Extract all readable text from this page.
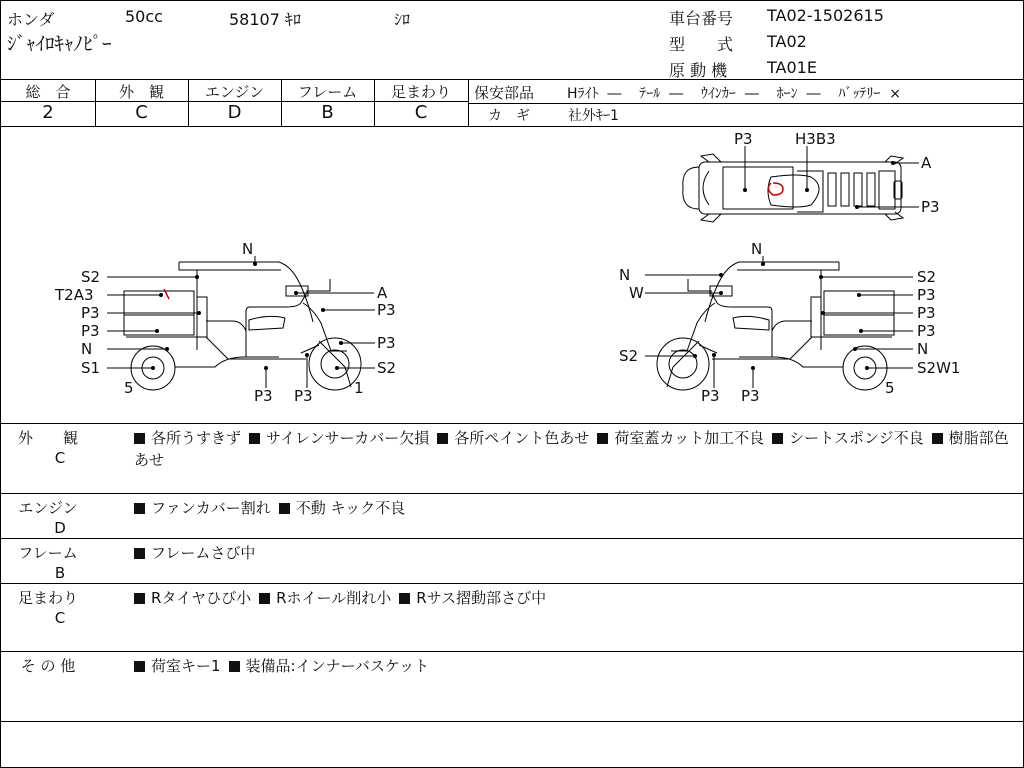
ホンダ	50cc	58107 ｷﾛ	ｼﾛ
ｼﾞｬｲﾛｷｬﾉﾋﾟｰ
車台番号 TA02-1502615
型　　式 TA02
原 動 機 TA01E
総　合
2
外　観
C
エンジン
D
フレーム
B
足まわり
C
保安部品 Hﾗｲﾄ  ―    ﾃｰﾙ  ―    ｳｲﾝｶｰ  ―    ﾎｰﾝ  ―    ﾊﾞｯﾃﾘｰ  ×
カ　ギ	社外ｷｰ1
P3	H3B3
A
P3
S2
T2A3
P3
P3
N
S1
N
A
P3
P3
S2
5	P3 P3	1
N
W
S2
N
S2
P3
P3
P3
N
S2W1
P3 P3	5
外　　観
C
各所うすきず サイレンサーカバー欠損 各所ペイント色あせ 荷室蓋カット加工不良 シートスポンジ不良 樹脂部色あせ
エンジン
D
ファンカバー割れ 不動 キック不良
フレーム
B
フレームさび中
足まわり
C
Rタイヤひび小 Rホイール削れ小 Rサス摺動部さび中
そ の 他	荷室キー1 装備品:インナーバスケット
